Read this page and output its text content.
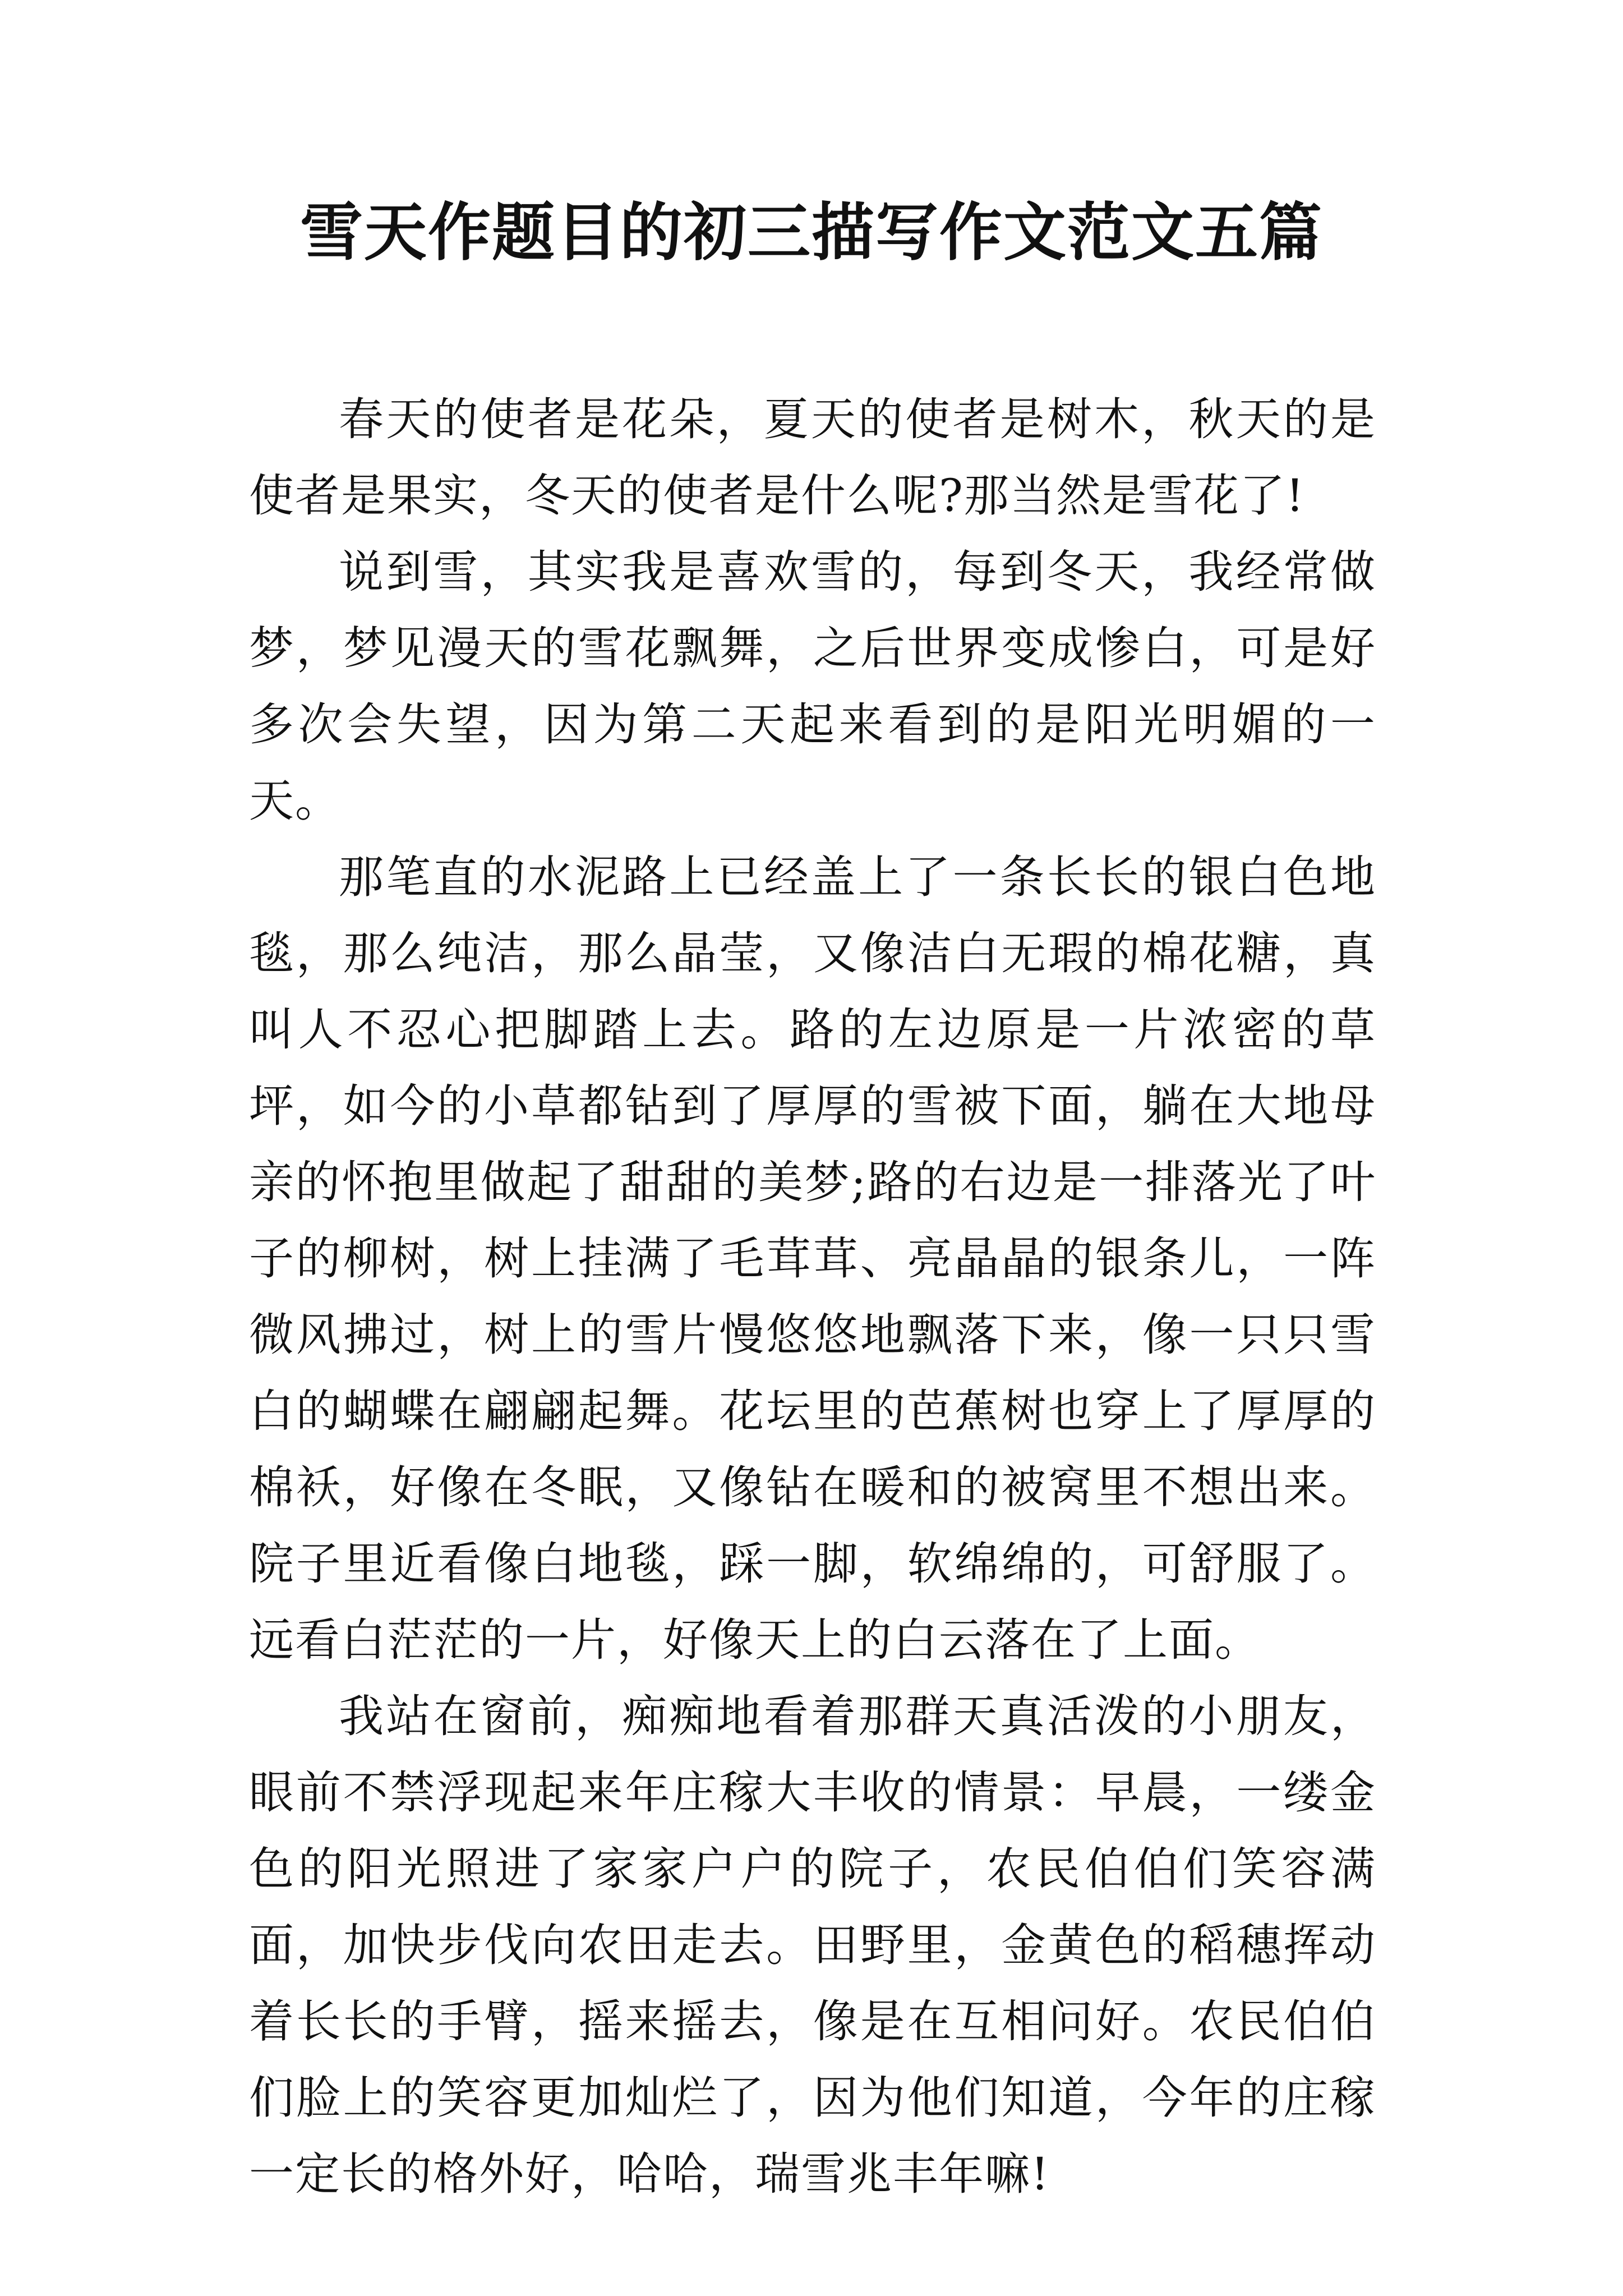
雪天作题目的初三描写作文范文五篇

春天的使者是花朵，夏天的使者是树木，秋天的是使者是果实，冬天的使者是什么呢?那当然是雪花了!

说到雪，其实我是喜欢雪的，每到冬天，我经常做梦，梦见漫天的雪花飘舞，之后世界变成惨白，可是好多次会失望，因为第二天起来看到的是阳光明媚的一天。

那笔直的水泥路上已经盖上了一条长长的银白色地毯，那么纯洁，那么晶莹，又像洁白无瑕的棉花糖，真叫人不忍心把脚踏上去。路的左边原是一片浓密的草坪，如今的小草都钻到了厚厚的雪被下面，躺在大地母亲的怀抱里做起了甜甜的美梦;路的右边是一排落光了叶子的柳树，树上挂满了毛茸茸、亮晶晶的银条儿，一阵微风拂过，树上的雪片慢悠悠地飘落下来，像一只只雪白的蝴蝶在翩翩起舞。花坛里的芭蕉树也穿上了厚厚的棉袄，好像在冬眠，又像钻在暖和的被窝里不想出来。院子里近看像白地毯，踩一脚，软绵绵的，可舒服了。远看白茫茫的一片，好像天上的白云落在了上面。

我站在窗前，痴痴地看着那群天真活泼的小朋友，眼前不禁浮现起来年庄稼大丰收的情景：早晨，一缕金色的阳光照进了家家户户的院子，农民伯伯们笑容满面，加快步伐向农田走去。田野里，金黄色的稻穗挥动着长长的手臂，摇来摇去，像是在互相问好。农民伯伯们脸上的笑容更加灿烂了，因为他们知道，今年的庄稼一定长的格外好，哈哈，瑞雪兆丰年嘛!
